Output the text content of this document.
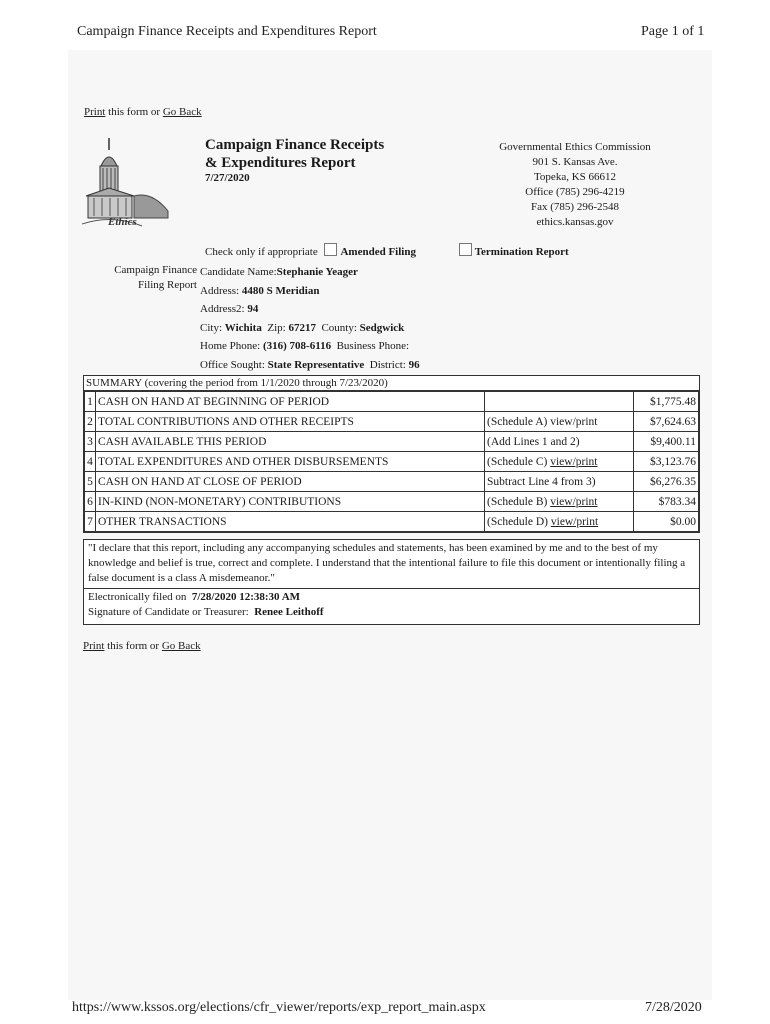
Campaign Finance Receipts and Expenditures Report	Page 1 of 1
Print this form or Go Back
Ethics
Campaign Finance Receipts
& Expenditures Report
7/27/2020
Governmental Ethics Commission
901 S. Kansas Ave.
Topeka, KS 66612
Office (785) 296-4219
Fax (785) 296-2548
ethics.kansas.gov
Check only if appropriate Amended Filing	Termination Report
Campaign Finance
Filing Report
Candidate Name:Stephanie Yeager
Address: 4480 S Meridian
Address2: 94
City: Wichita Zip: 67217 County: Sedgwick
Home Phone: (316) 708-6116 Business Phone:
Office Sought: State Representative District: 96
SUMMARY (covering the period from 1/1/2020 through 7/23/2020)
1	CASH ON HAND AT BEGINNING OF PERIOD		$1,775.48
2	TOTAL CONTRIBUTIONS AND OTHER RECEIPTS	(Schedule A) view/print	$7,624.63
3	CASH AVAILABLE THIS PERIOD	(Add Lines 1 and 2)	$9,400.11
4	TOTAL EXPENDITURES AND OTHER DISBURSEMENTS	(Schedule C) view/print	$3,123.76
5	CASH ON HAND AT CLOSE OF PERIOD	Subtract Line 4 from 3)	$6,276.35
6	IN-KIND (NON-MONETARY) CONTRIBUTIONS	(Schedule B) view/print	$783.34
7	OTHER TRANSACTIONS	(Schedule D) view/print	$0.00
"I declare that this report, including any accompanying schedules and statements, has been examined by me and to the best of my knowledge and belief is true, correct and complete. I understand that the intentional failure to file this document or intentionally filing a false document is a class A misdemeanor."
Electronically filed on 7/28/2020 12:38:30 AM
Signature of Candidate or Treasurer: Renee Leithoff
Print this form or Go Back
https://www.kssos.org/elections/cfr_viewer/reports/exp_report_main.aspx	7/28/2020
